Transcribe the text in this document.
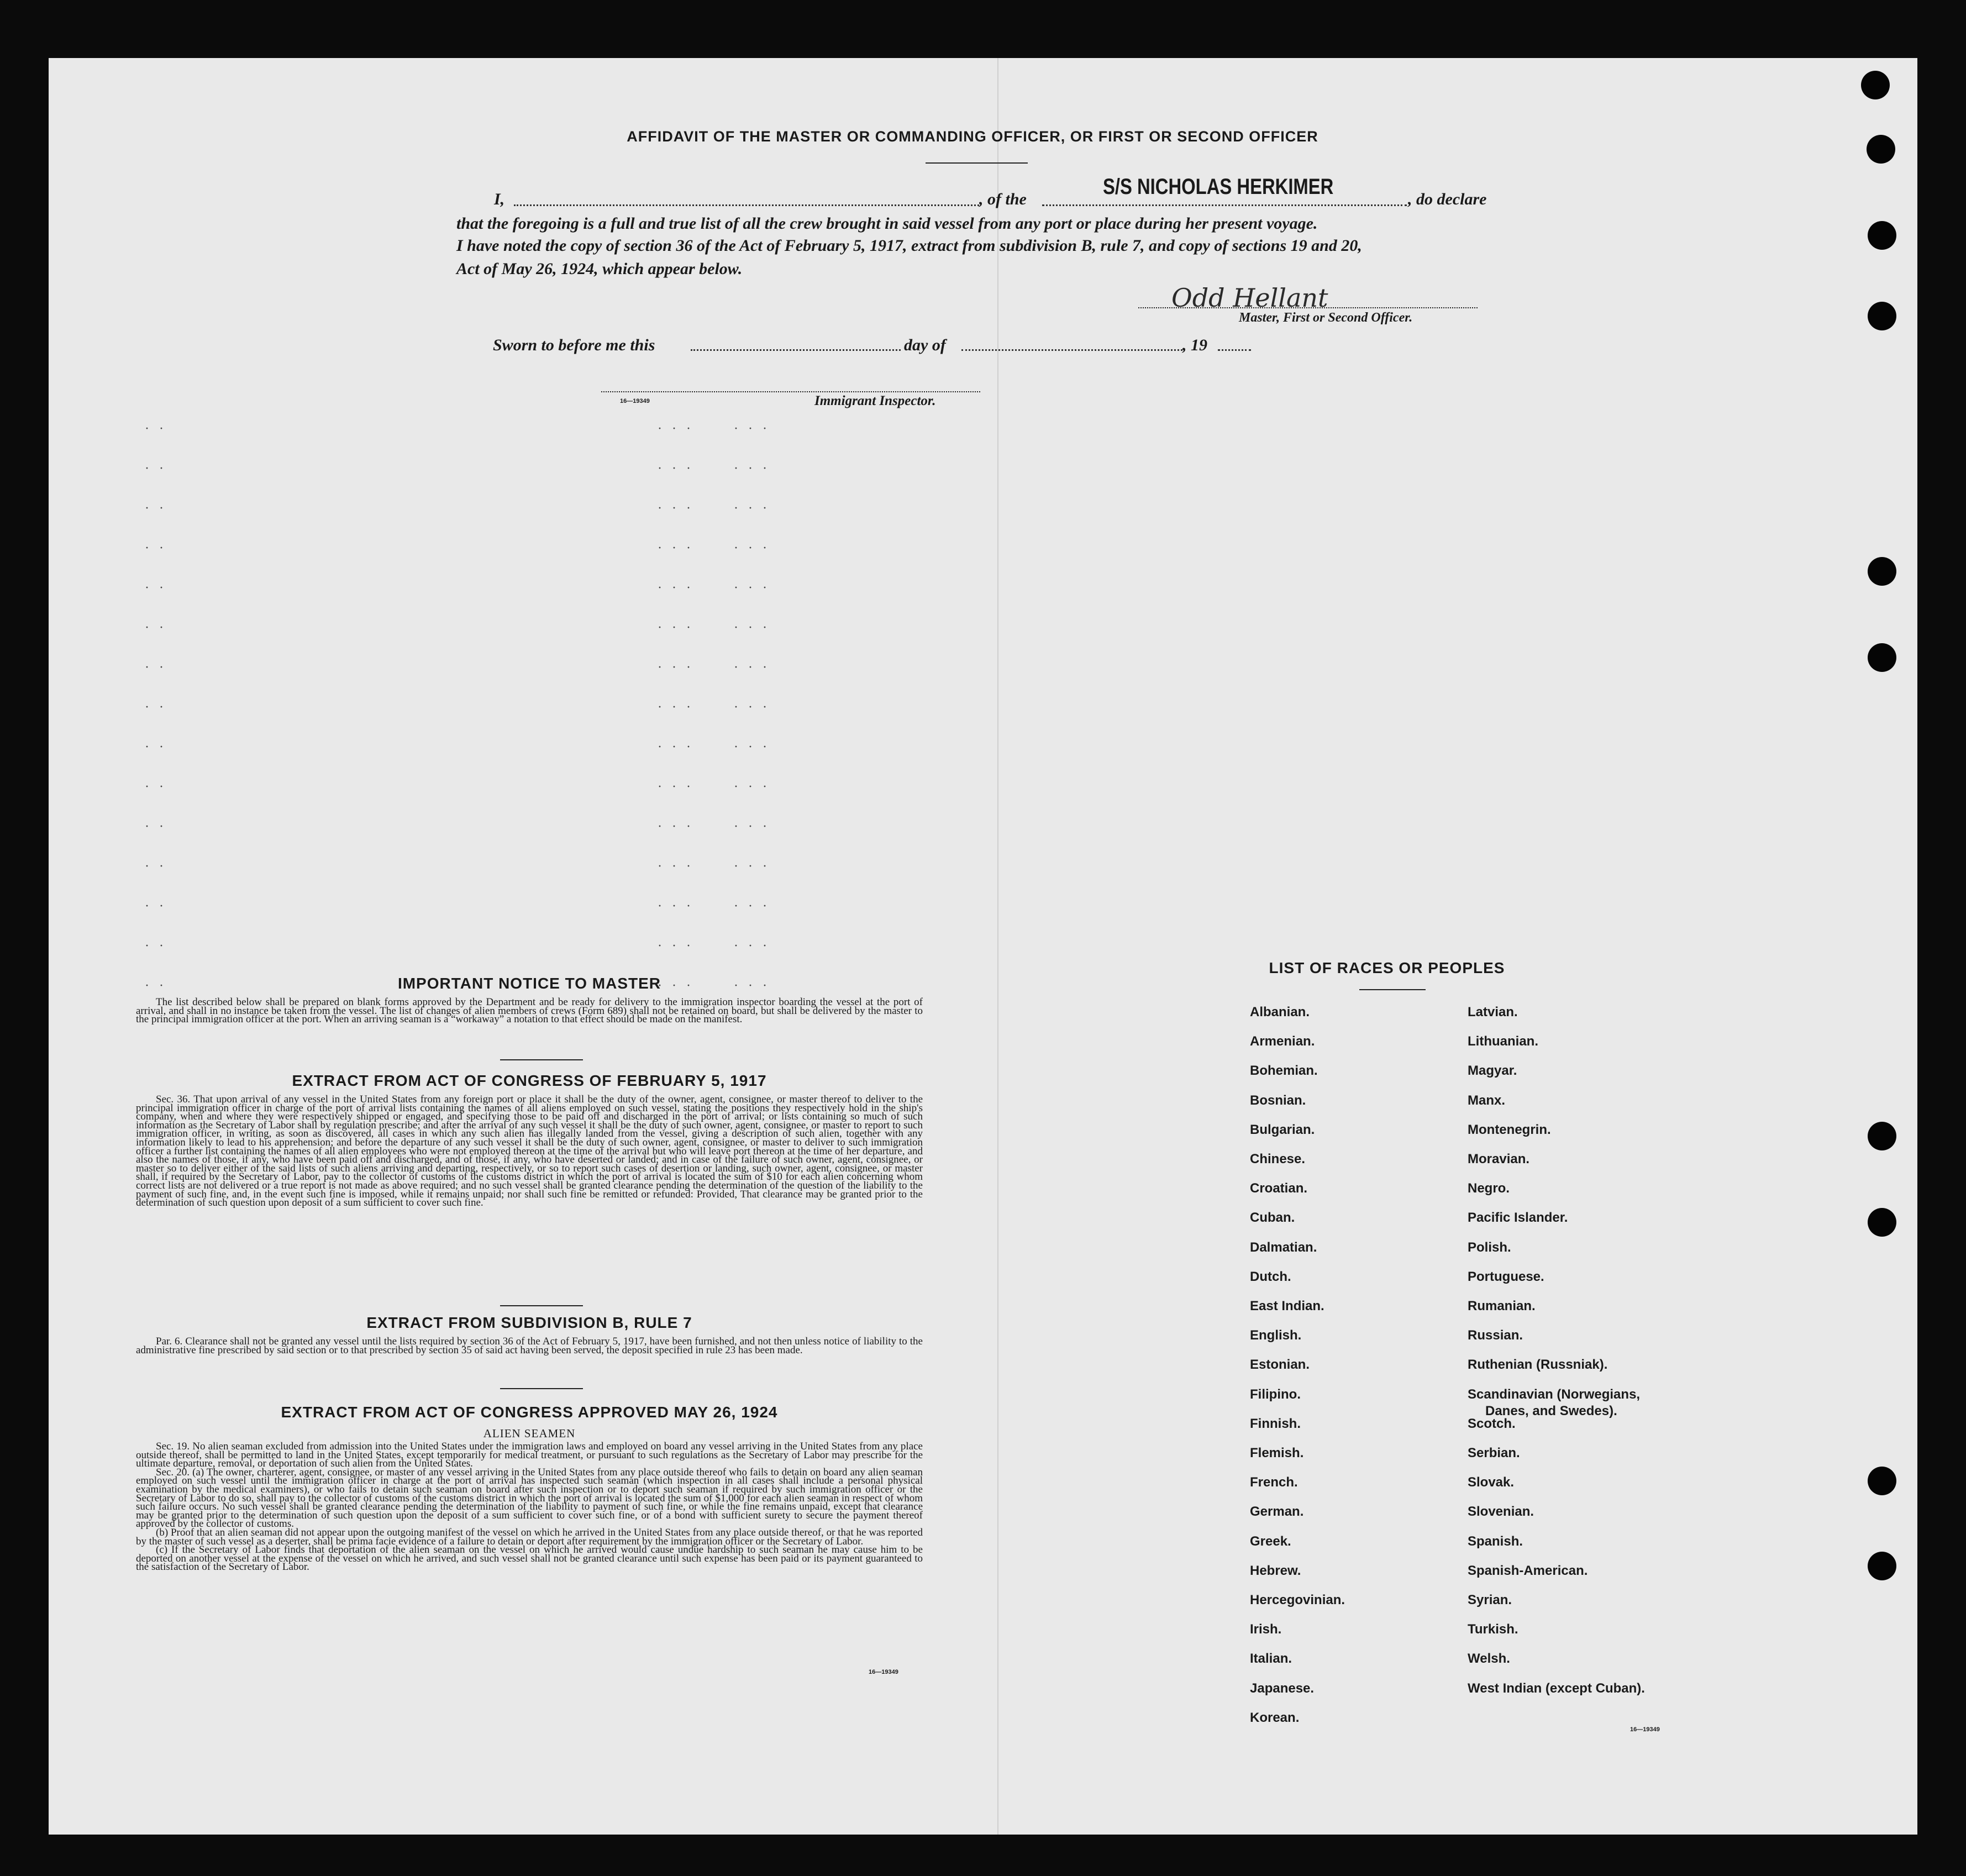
AFFIDAVIT OF THE MASTER OR COMMANDING OFFICER, OR FIRST OR SECOND OFFICER
I,	, of the
S/S NICHOLAS HERKIMER
, do declare
that the foregoing is a full and true list of all the crew brought in said vessel from any port or place during her present voyage.
I have noted the copy of section 36 of the Act of February 5, 1917, extract from subdivision B, rule 7, and copy of sections 19 and 20,
Act of May 26, 1924, which appear below.
Odd Hellant
Master, First or Second Officer.
Sworn to before me this	day of	, 19
16—19349	Immigrant Inspector.
· ·
· ·
· ·
· ·
· ·
· ·
· ·
· ·
· ·
· ·
· ·
· ·
· ·
· ·
· ·
· · ·      · · ·
· · ·      · · ·
· · ·      · · ·
· · ·      · · ·
· · ·      · · ·
· · ·      · · ·
· · ·      · · ·
· · ·      · · ·
· · ·      · · ·
· · ·      · · ·
· · ·      · · ·
· · ·      · · ·
· · ·      · · ·
· · ·      · · ·
· · ·      · · ·
IMPORTANT NOTICE TO MASTER

The list described below shall be prepared on blank forms approved by the Department and be ready for delivery to the immigration inspector boarding the vessel at the port of arrival, and shall in no instance be taken from the vessel. The list of changes of alien members of crews (Form 689) shall not be retained on board, but shall be delivered by the master to the principal immigration officer at the port. When an arriving seaman is a “workaway” a notation to that effect should be made on the manifest.

EXTRACT FROM ACT OF CONGRESS OF FEBRUARY 5, 1917

Sec. 36. That upon arrival of any vessel in the United States from any foreign port or place it shall be the duty of the owner, agent, consignee, or master thereof to deliver to the principal immigration officer in charge of the port of arrival lists containing the names of all aliens employed on such vessel, stating the positions they respectively hold in the ship's company, when and where they were respectively shipped or engaged, and specifying those to be paid off and discharged in the port of arrival; or lists containing so much of such information as the Secretary of Labor shall by regulation prescribe; and after the arrival of any such vessel it shall be the duty of such owner, agent, consignee, or master to report to such immigration officer, in writing, as soon as discovered, all cases in which any such alien has illegally landed from the vessel, giving a description of such alien, together with any information likely to lead to his apprehension; and before the departure of any such vessel it shall be the duty of such owner, agent, consignee, or master to deliver to such immigration officer a further list containing the names of all alien employees who were not employed thereon at the time of the arrival but who will leave port thereon at the time of her departure, and also the names of those, if any, who have been paid off and discharged, and of those, if any, who have deserted or landed; and in case of the failure of such owner, agent, consignee, or master so to deliver either of the said lists of such aliens arriving and departing, respectively, or so to report such cases of desertion or landing, such owner, agent, consignee, or master shall, if required by the Secretary of Labor, pay to the collector of customs of the customs district in which the port of arrival is located the sum of $10 for each alien concerning whom correct lists are not delivered or a true report is not made as above required; and no such vessel shall be granted clearance pending the determination of the question of the liability to the payment of such fine, and, in the event such fine is imposed, while it remains unpaid; nor shall such fine be remitted or refunded: Provided, That clearance may be granted prior to the determination of such question upon deposit of a sum sufficient to cover such fine.

EXTRACT FROM SUBDIVISION B, RULE 7

Par. 6. Clearance shall not be granted any vessel until the lists required by section 36 of the Act of February 5, 1917, have been furnished, and not then unless notice of liability to the administrative fine prescribed by said section or to that prescribed by section 35 of said act having been served, the deposit specified in rule 23 has been made.

EXTRACT FROM ACT OF CONGRESS APPROVED MAY 26, 1924
ALIEN SEAMEN

Sec. 19. No alien seaman excluded from admission into the United States under the immigration laws and employed on board any vessel arriving in the United States from any place outside thereof, shall be permitted to land in the United States, except temporarily for medical treatment, or pursuant to such regulations as the Secretary of Labor may prescribe for the ultimate departure, removal, or deportation of such alien from the United States.

Sec. 20. (a) The owner, charterer, agent, consignee, or master of any vessel arriving in the United States from any place outside thereof who fails to detain on board any alien seaman employed on such vessel until the immigration officer in charge at the port of arrival has inspected such seaman (which inspection in all cases shall include a personal physical examination by the medical examiners), or who fails to detain such seaman on board after such inspection or to deport such seaman if required by such immigration officer or the Secretary of Labor to do so, shall pay to the collector of customs of the customs district in which the port of arrival is located the sum of $1,000 for each alien seaman in respect of whom such failure occurs. No such vessel shall be granted clearance pending the determination of the liability to payment of such fine, or while the fine remains unpaid, except that clearance may be granted prior to the determination of such question upon the deposit of a sum sufficient to cover such fine, or of a bond with sufficient surety to secure the payment thereof approved by the collector of customs.

(b) Proof that an alien seaman did not appear upon the outgoing manifest of the vessel on which he arrived in the United States from any place outside thereof, or that he was reported by the master of such vessel as a deserter, shall be prima facie evidence of a failure to detain or deport after requirement by the immigration officer or the Secretary of Labor.

(c) If the Secretary of Labor finds that deportation of the alien seaman on the vessel on which he arrived would cause undue hardship to such seaman he may cause him to be deported on another vessel at the expense of the vessel on which he arrived, and such vessel shall not be granted clearance until such expense has been paid or its payment guaranteed to the satisfaction of the Secretary of Labor.

16—19349
LIST OF RACES OR PEOPLES
Albanian.
Armenian.
Bohemian.
Bosnian.
Bulgarian.
Chinese.
Croatian.
Cuban.
Dalmatian.
Dutch.
East Indian.
English.
Estonian.
Filipino.
Finnish.
Flemish.
French.
German.
Greek.
Hebrew.
Hercegovinian.
Irish.
Italian.
Japanese.
Korean.
Latvian.
Lithuanian.
Magyar.
Manx.
Montenegrin.
Moravian.
Negro.
Pacific Islander.
Polish.
Portuguese.
Rumanian.
Russian.
Ruthenian (Russniak).
Scandinavian (Norwegians,
Danes, and Swedes).
Scotch.
Serbian.
Slovak.
Slovenian.
Spanish.
Spanish-American.
Syrian.
Turkish.
Welsh.
West Indian (except Cuban).
16—19349
